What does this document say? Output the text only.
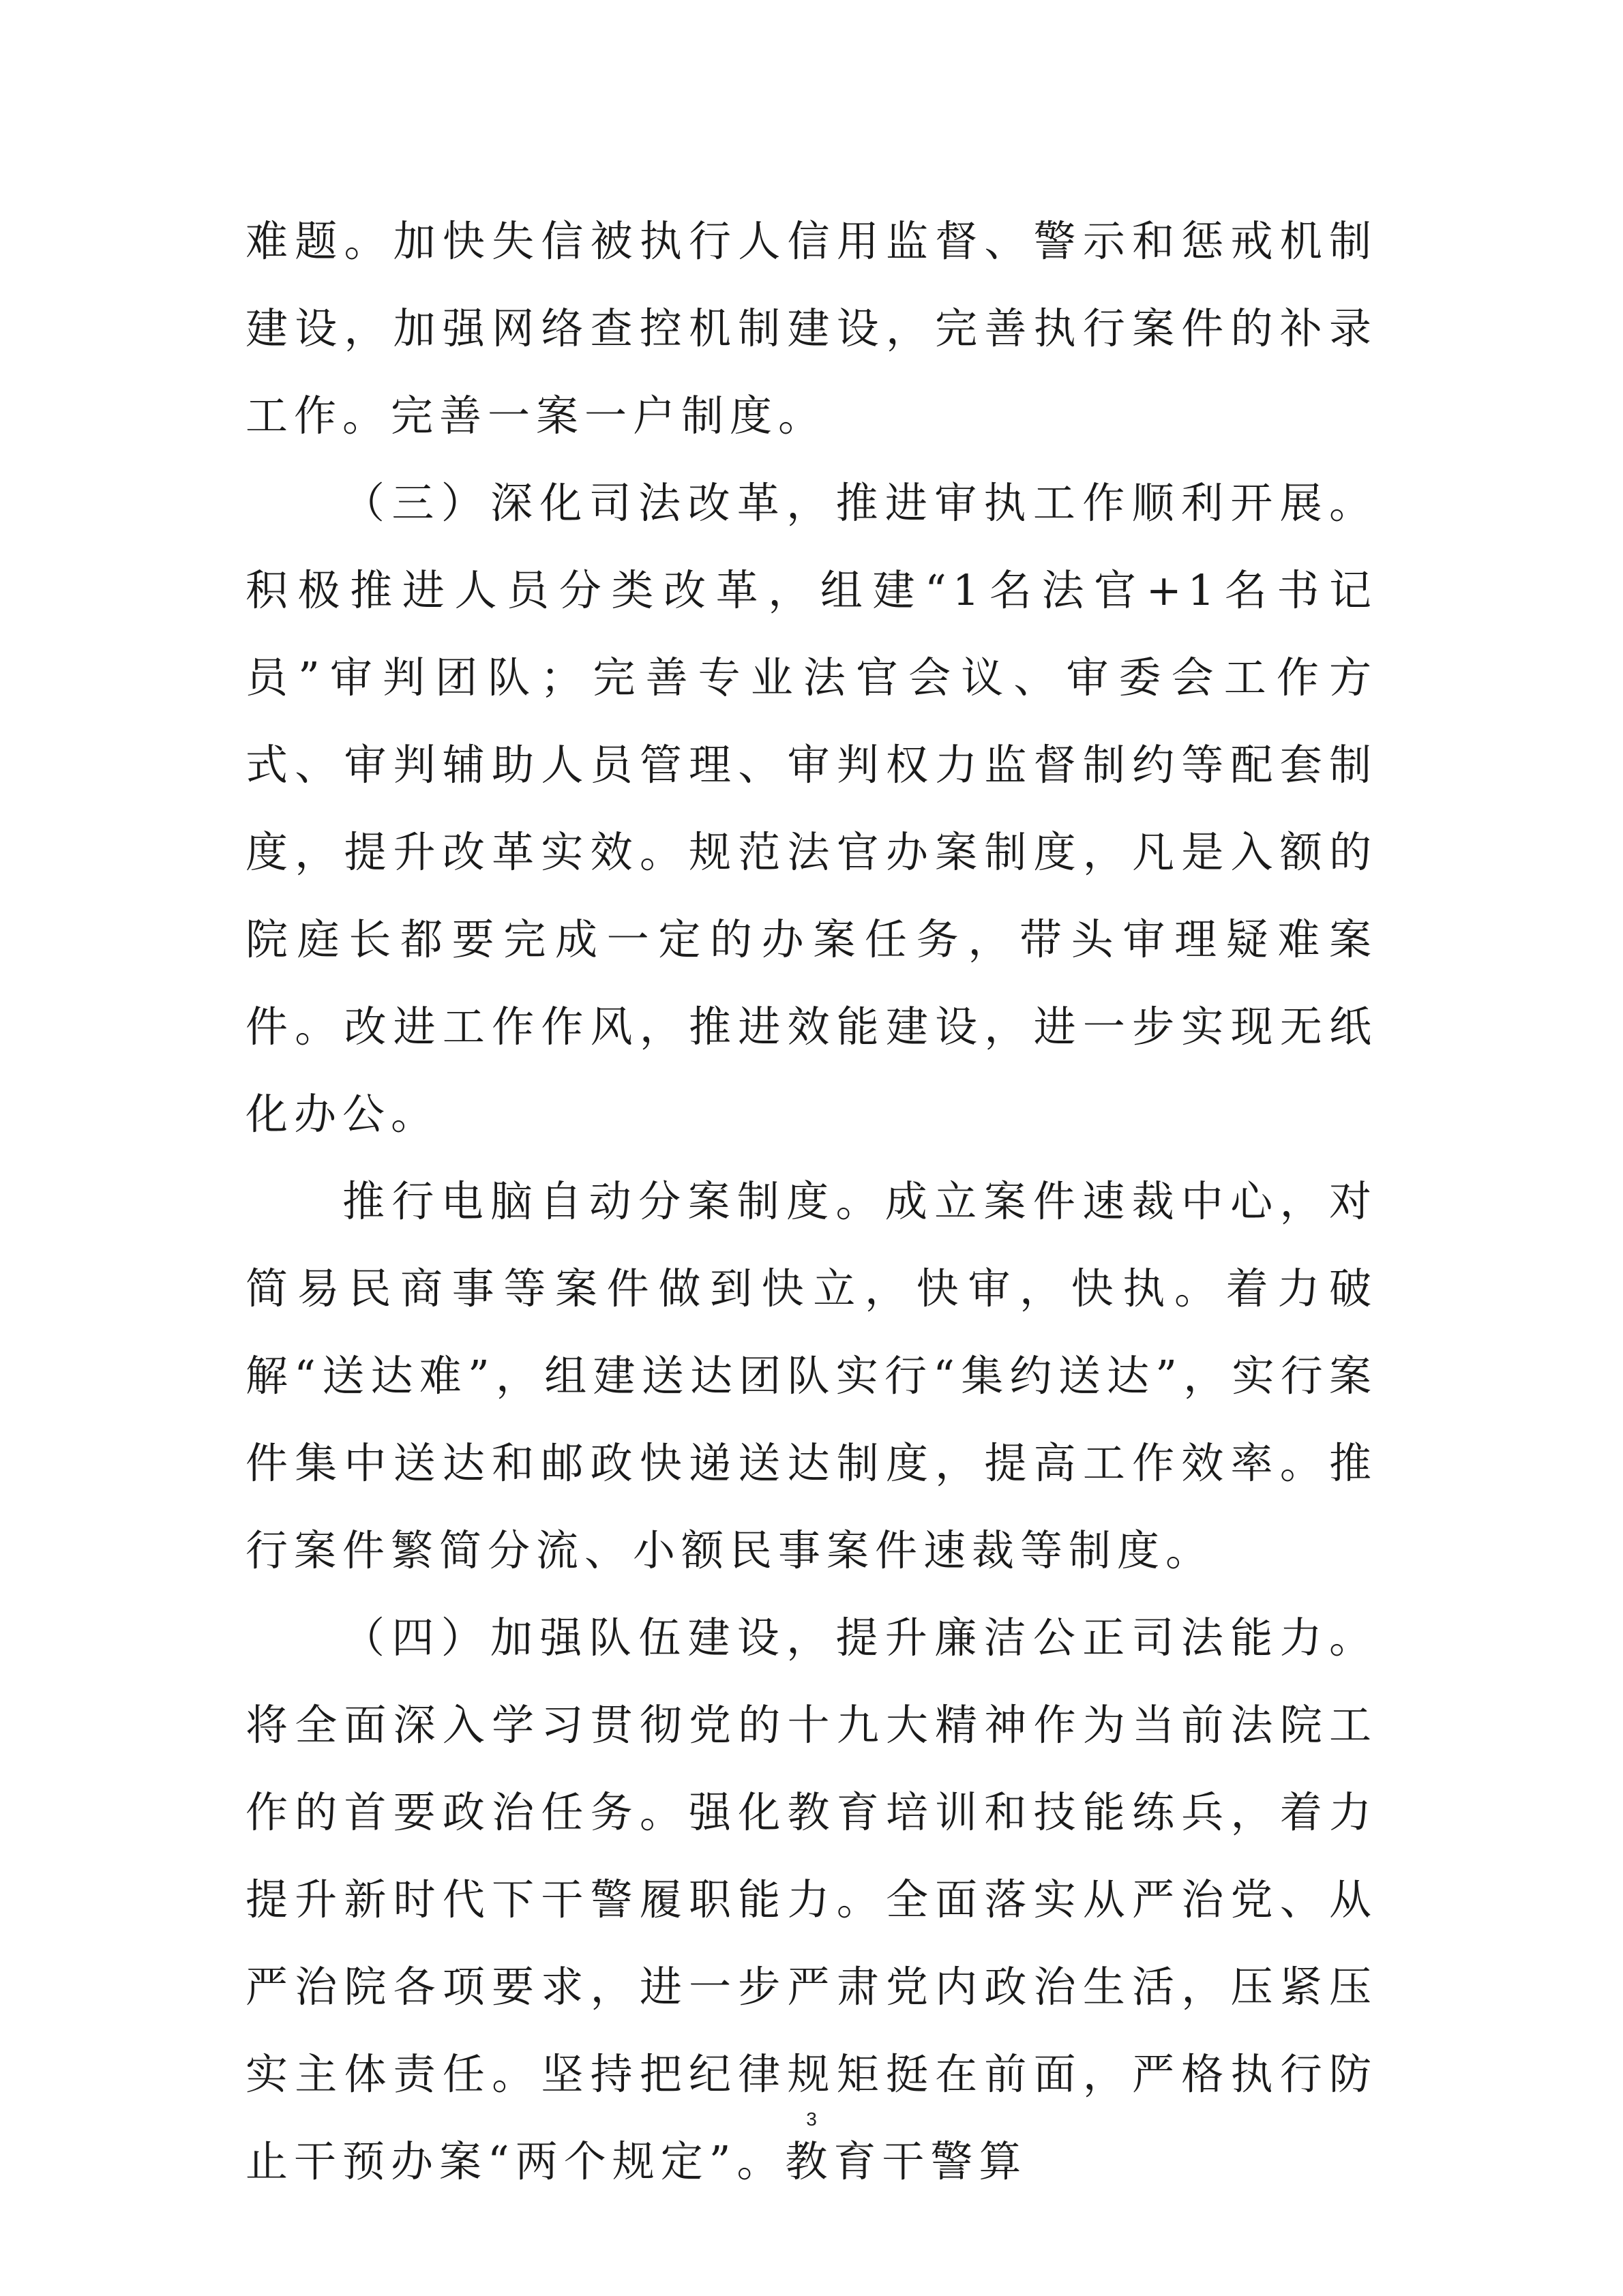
难题。加快失信被执行人信用监督、警示和惩戒机制建设，加强网络查控机制建设，完善执行案件的补录工作。完善一案一户制度。

（三）深化司法改革，推进审执工作顺利开展。积极推进人员分类改革，组建“1名法官+1名书记员”审判团队；完善专业法官会议、审委会工作方式、审判辅助人员管理、审判权力监督制约等配套制度，提升改革实效。规范法官办案制度，凡是入额的院庭长都要完成一定的办案任务，带头审理疑难案件。改进工作作风，推进效能建设，进一步实现无纸化办公。

推行电脑自动分案制度。成立案件速裁中心，对简易民商事等案件做到快立，快审，快执。着力破解“送达难”，组建送达团队实行“集约送达”，实行案件集中送达和邮政快递送达制度，提高工作效率。推行案件繁简分流、小额民事案件速裁等制度。

（四）加强队伍建设，提升廉洁公正司法能力。将全面深入学习贯彻党的十九大精神作为当前法院工作的首要政治任务。强化教育培训和技能练兵，着力提升新时代下干警履职能力。全面落实从严治党、从严治院各项要求，进一步严肃党内政治生活，压紧压实主体责任。坚持把纪律规矩挺在前面，严格执行防止干预办案“两个规定”。教育干警算

3
